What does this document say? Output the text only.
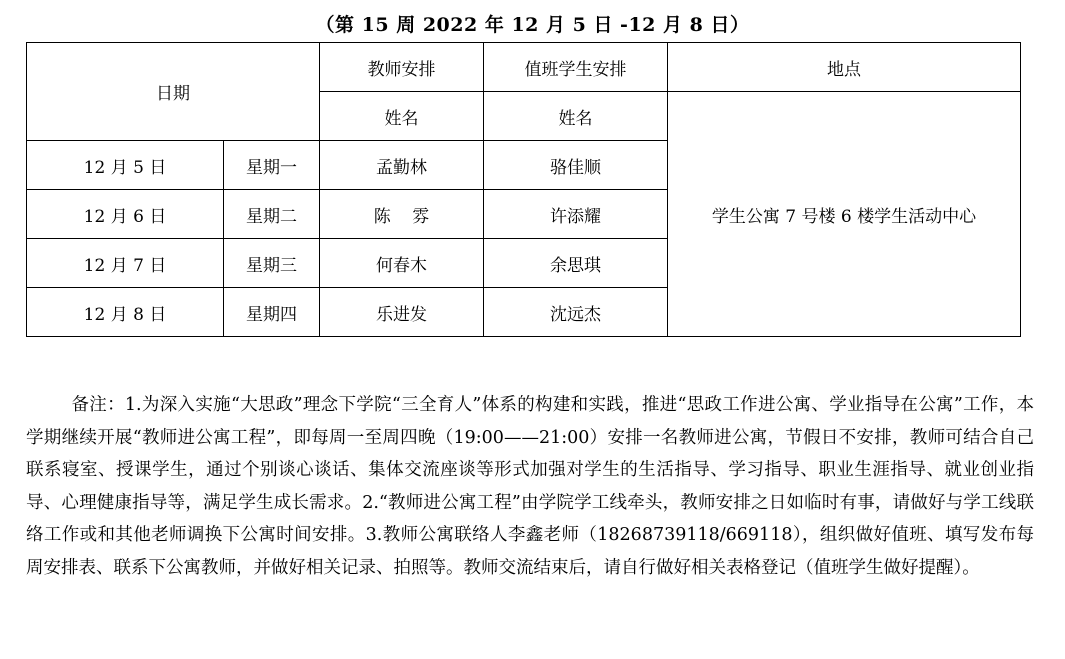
（第 15 周 2022 年 12 月 5 日 -12 月 8 日）
日期		教师安排	值班学生安排	地点
		姓名	姓名	学生公寓 7 号楼 6 楼学生活动中心
12 月 5 日	星期一	孟勤林	骆佳顺	
12 月 6 日	星期二	陈    雰	许添耀	
12 月 7 日	星期三	何春木	余思琪	
12 月 8 日	星期四	乐进发	沈远杰	

备注：1.为深入实施“大思政”理念下学院“三全育人”体系的构建和实践，推进“思政工作进公寓、学业指导在公寓”工作，本学期继续开展“教师进公寓工程”，即每周一至周四晚（19:00——21:00）安排一名教师进公寓，节假日不安排，教师可结合自己联系寝室、授课学生，通过个别谈心谈话、集体交流座谈等形式加强对学生的生活指导、学习指导、职业生涯指导、就业创业指导、心理健康指导等，满足学生成长需求。2.“教师进公寓工程”由学院学工线牵头，教师安排之日如临时有事，请做好与学工线联络工作或和其他老师调换下公寓时间安排。3.教师公寓联络人李鑫老师（18268739118/669118），组织做好值班、填写发布每周安排表、联系下公寓教师，并做好相关记录、拍照等。教师交流结束后，请自行做好相关表格登记（值班学生做好提醒）。
